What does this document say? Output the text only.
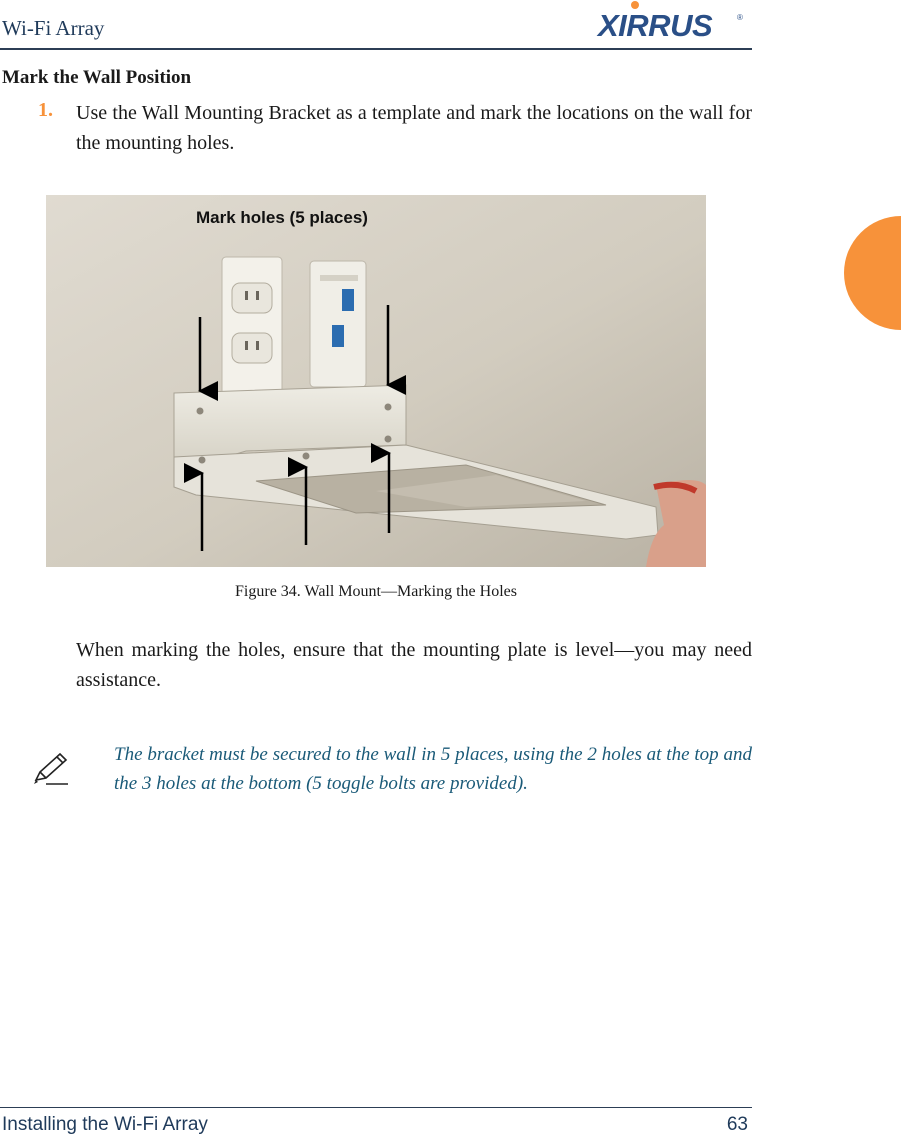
Wi-Fi Array	XIRRUS	®
Mark the Wall Position
1. Use the Wall Mounting Bracket as a template and mark the locations on the wall for the mounting holes.
Mark holes (5 places)
Figure 34. Wall Mount—Marking the Holes
When marking the holes, ensure that the mounting plate is level—you may need assistance.
The bracket must be secured to the wall in 5 places, using the 2 holes at the top and the 3 holes at the bottom (5 toggle bolts are provided).
Installing the Wi-Fi Array	63
